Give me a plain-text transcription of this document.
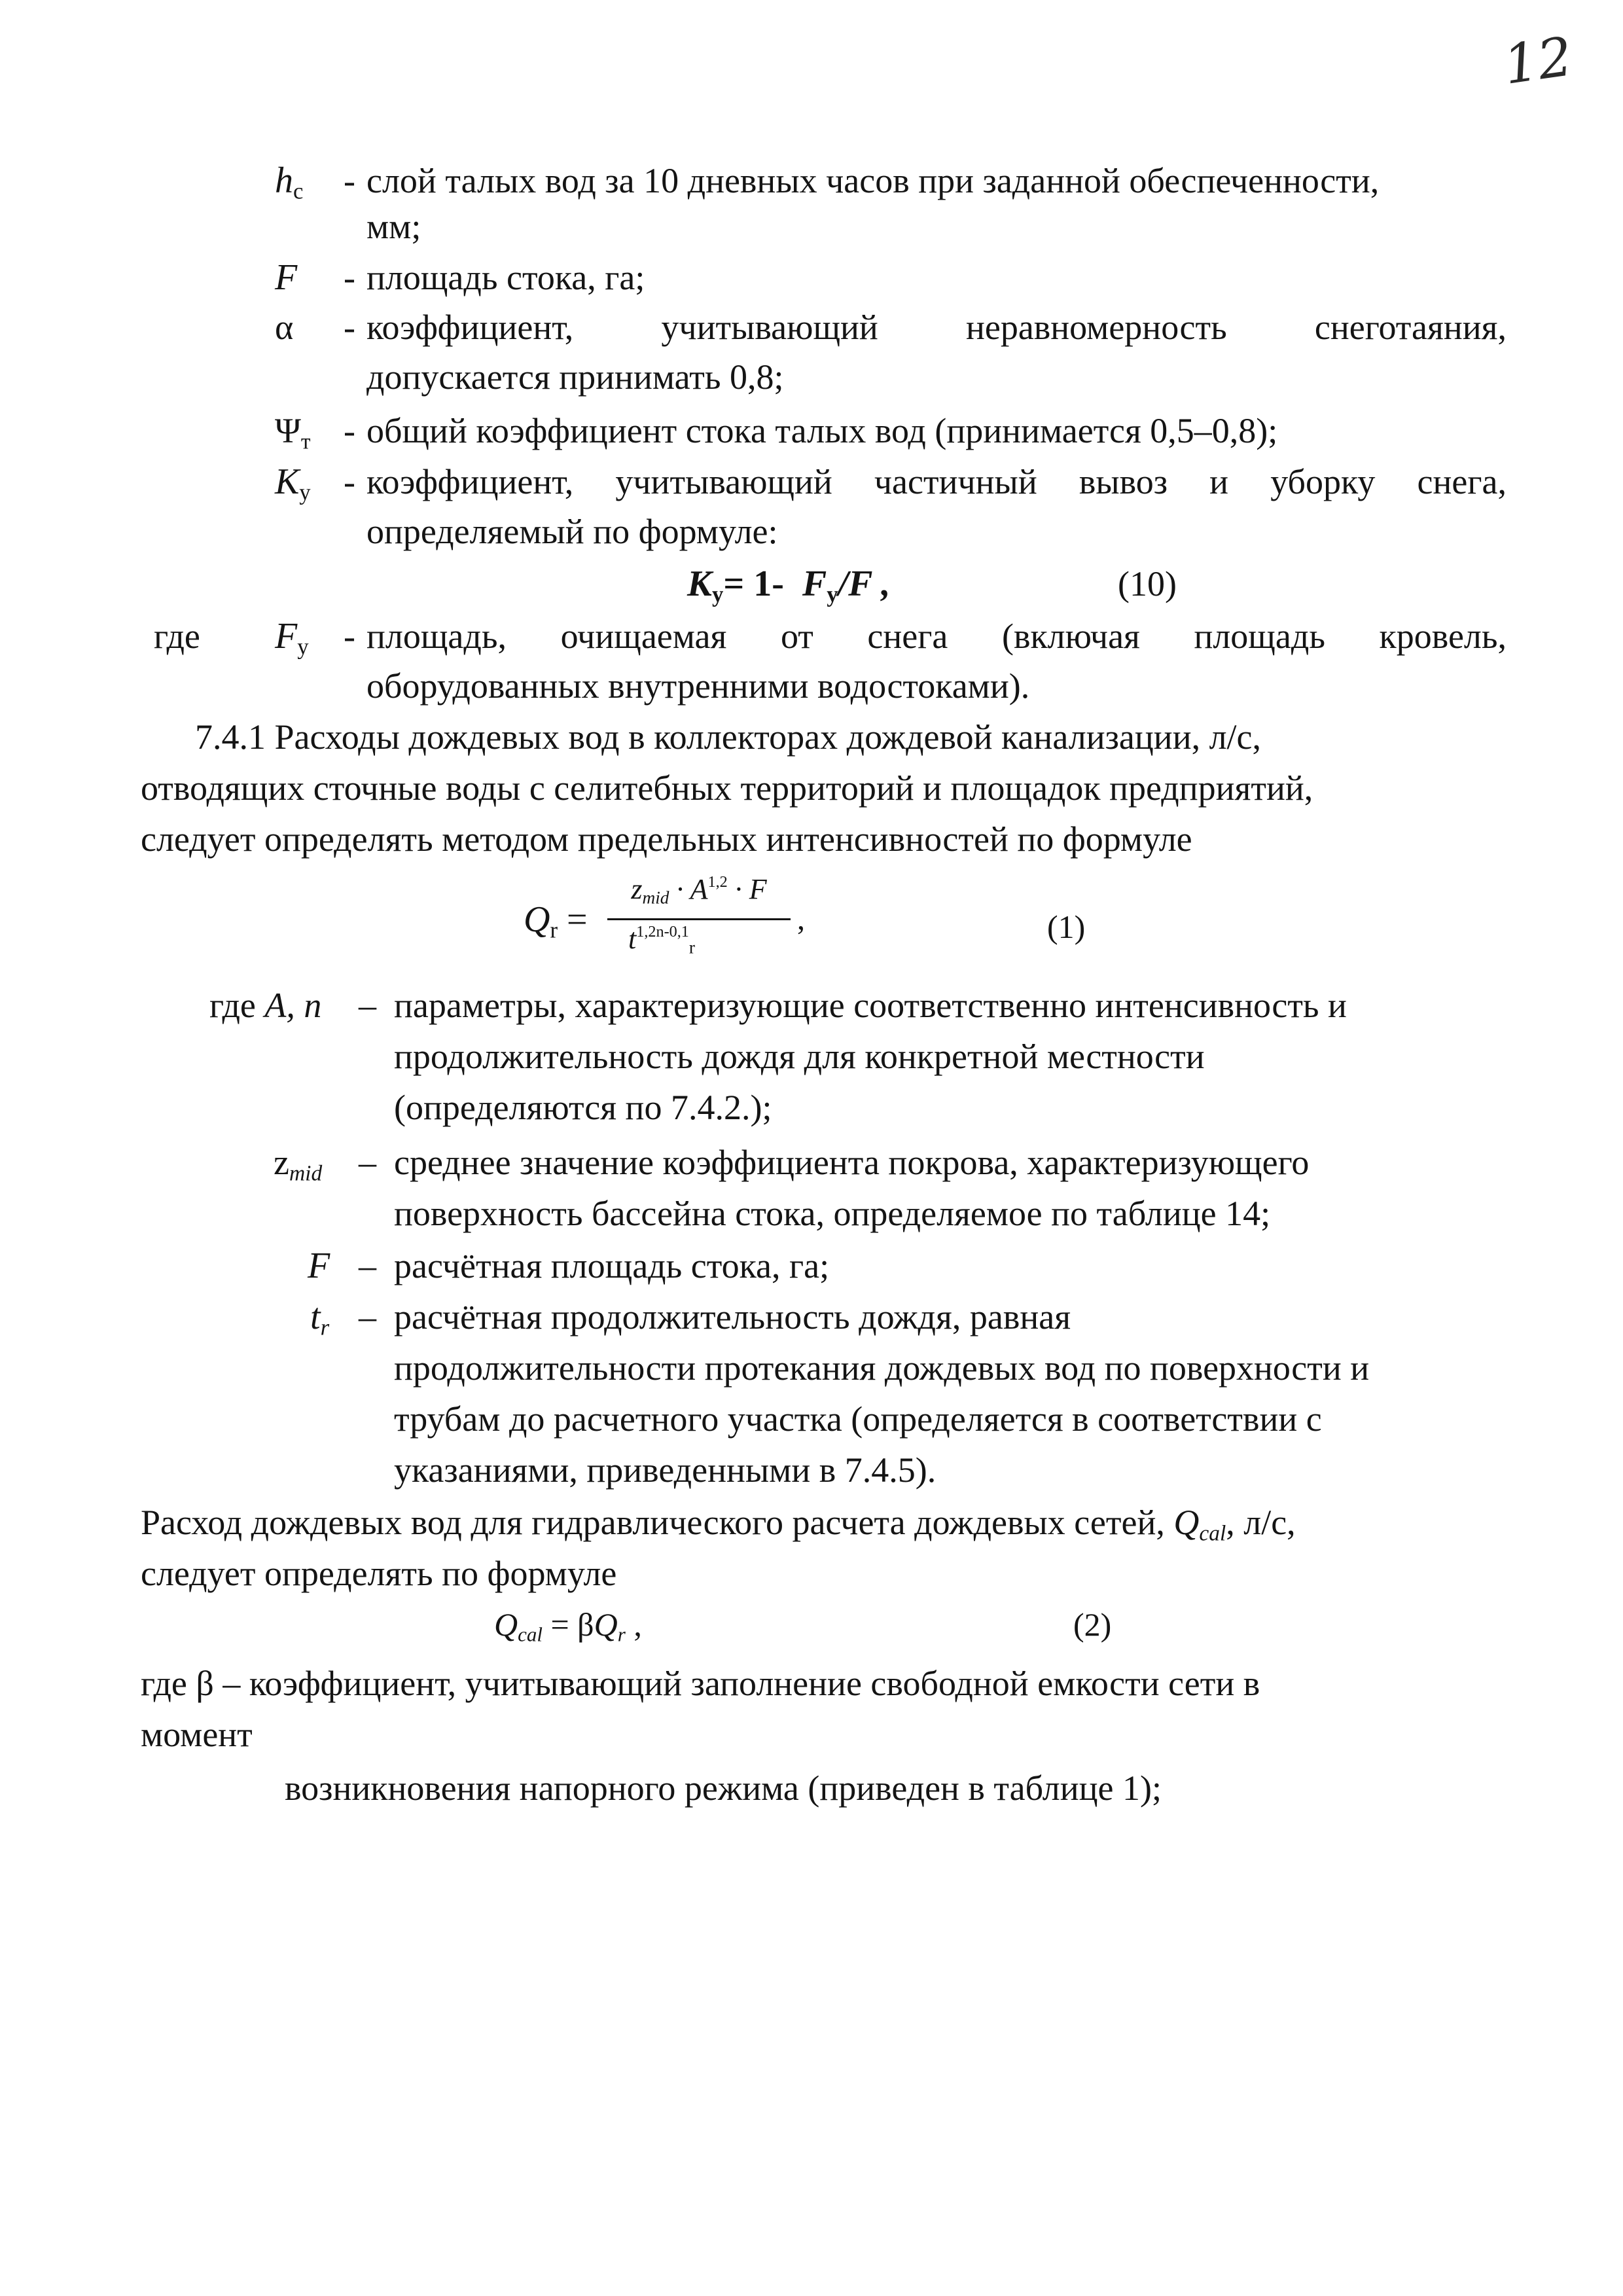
12
$h_с$ - слой талых вод за 10 дневных часов при заданной обеспеченности,
мм;
F - площадь стока, га;
α - коэффициент, учитывающий неравномерность снеготаяния,
допускается принимать 0,8;
$\Psi_т$ - общий коэффициент стока талых вод (принимается 0,5–0,8);
$К_у$ - коэффициент, учитывающий частичный вывоз и уборку снега,
определяемый по формуле:
$К_у= 1-$ $F_у/F$ ,	(10)
где $F_у$ - площадь, очищаемая от снега (включая площадь кровель,
оборудованных внутренними водостоками).
7.4.1 Расходы дождевых вод в коллекторах дождевой канализации, л/с,
отводящих сточные воды с селитебных территорий и площадок предприятий,
следует определять методом предельных интенсивностей по формуле
$Q_r$ =
$z_{mid} \cdot A^{1,2} \cdot F$
$t^{1,2n-0,1}_r$
,	(1)
где A, n – параметры, характеризующие соответственно интенсивность и
продолжительность дождя для конкретной местности
(определяются по 7.4.2.);
$z_{mid}$ – среднее значение коэффициента покрова, характеризующего
поверхность бассейна стока, определяемое по таблице 14;
F – расчётная площадь стока, га;
$t_r$ – расчётная продолжительность дождя, равная
продолжительности протекания дождевых вод по поверхности и
трубам до расчетного участка (определяется в соответствии с
указаниями, приведенными в 7.4.5).
Расход дождевых вод для гидравлического расчета дождевых сетей, $Q_{cal}$, л/с,
следует определять по формуле
$Q_{cal} = \beta Q_r$ ,	(2)
где β – коэффициент, учитывающий заполнение свободной емкости сети в
момент
возникновения напорного режима (приведен в таблице 1);
